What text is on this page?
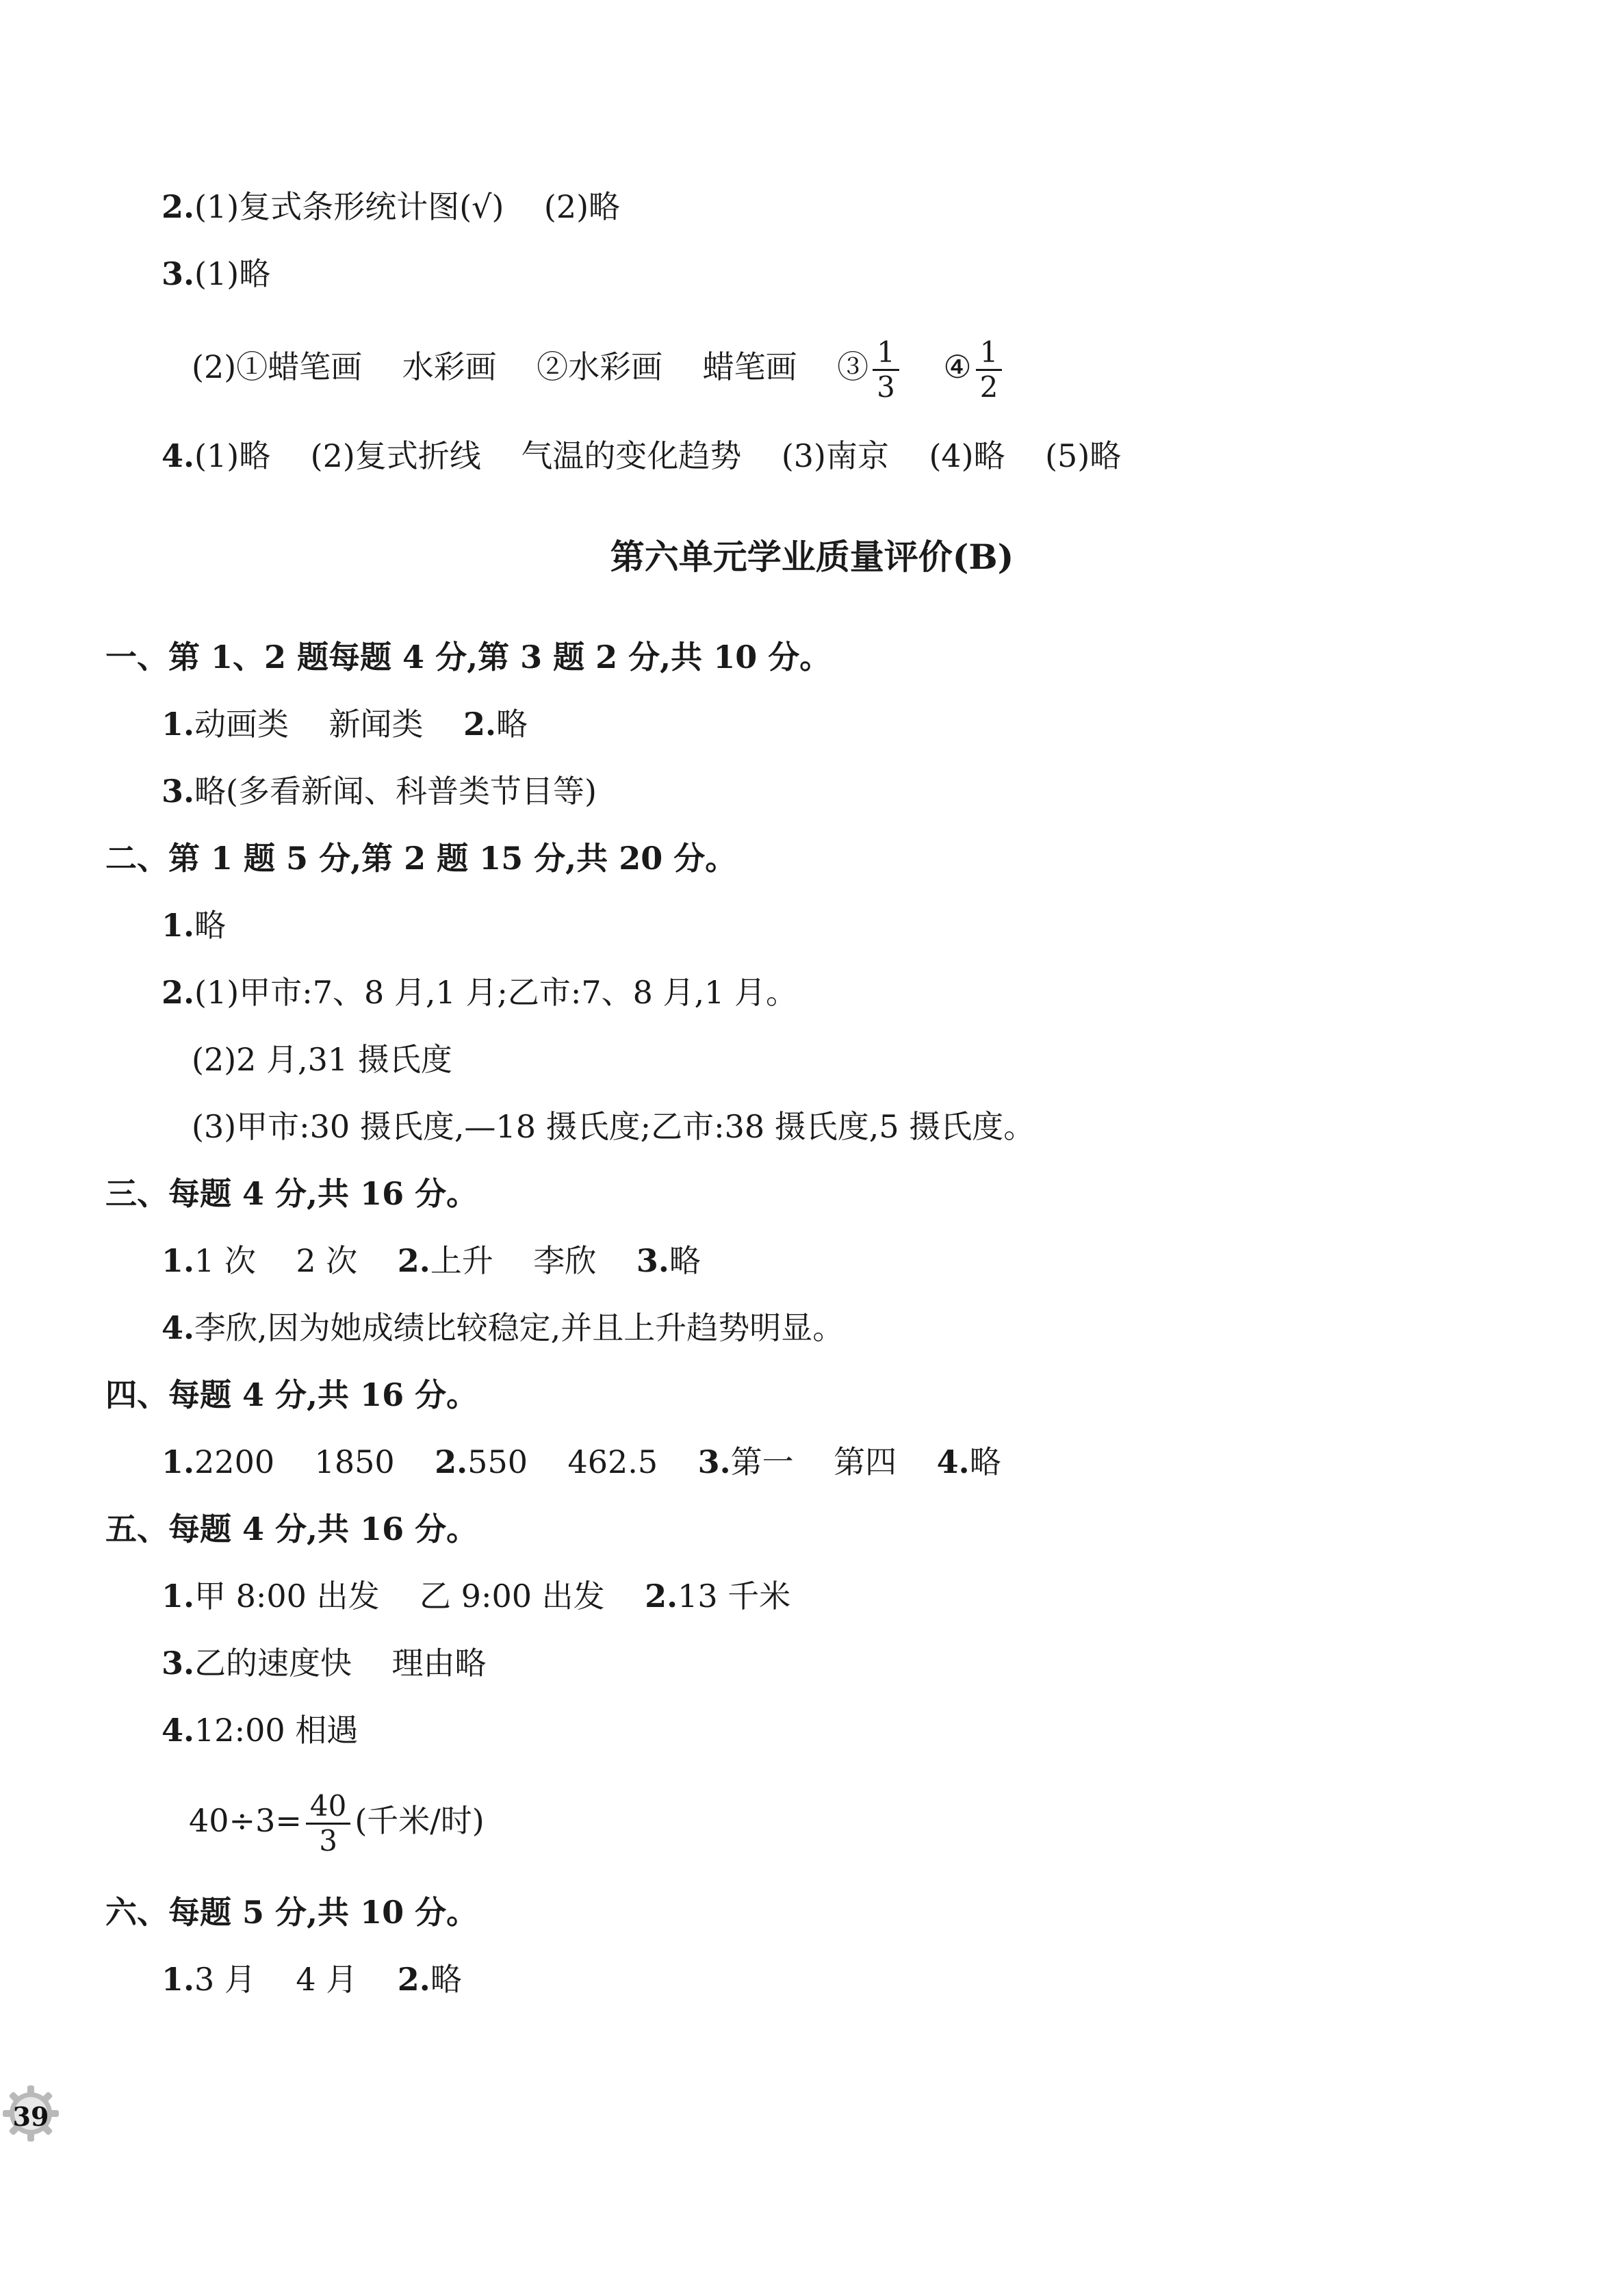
2.(1)复式条形统计图(√)    (2)略
3.(1)略
(2)①蜡笔画    水彩画    ②水彩画    蜡笔画    ③ $\frac{1}{3}$ ④ $\frac{1}{2}$
4.(1)略    (2)复式折线    气温的变化趋势    (3)南京    (4)略    (5)略
第六单元学业质量评价(B)
一、第 1、2 题每题 4 分,第 3 题 2 分,共 10 分。
1.动画类    新闻类    2.略
3.略(多看新闻、科普类节目等)
二、第 1 题 5 分,第 2 题 15 分,共 20 分。
1.略
2.(1)甲市:7、8 月,1 月;乙市:7、8 月,1 月。
(2)2 月,31 摄氏度
(3)甲市:30 摄氏度,—18 摄氏度;乙市:38 摄氏度,5 摄氏度。
三、每题 4 分,共 16 分。
1.1 次    2 次    2.上升    李欣    3.略
4.李欣,因为她成绩比较稳定,并且上升趋势明显。
四、每题 4 分,共 16 分。
1.2200    1850    2.550    462.5    3.第一    第四    4.略
五、每题 4 分,共 16 分。
1.甲 8:00 出发    乙 9:00 出发    2.13 千米
3.乙的速度快    理由略
4.12:00 相遇
$40\div 3= \frac{40}{3}$ (千米/时)
六、每题 5 分,共 10 分。
1.3 月    4 月    2.略
39
